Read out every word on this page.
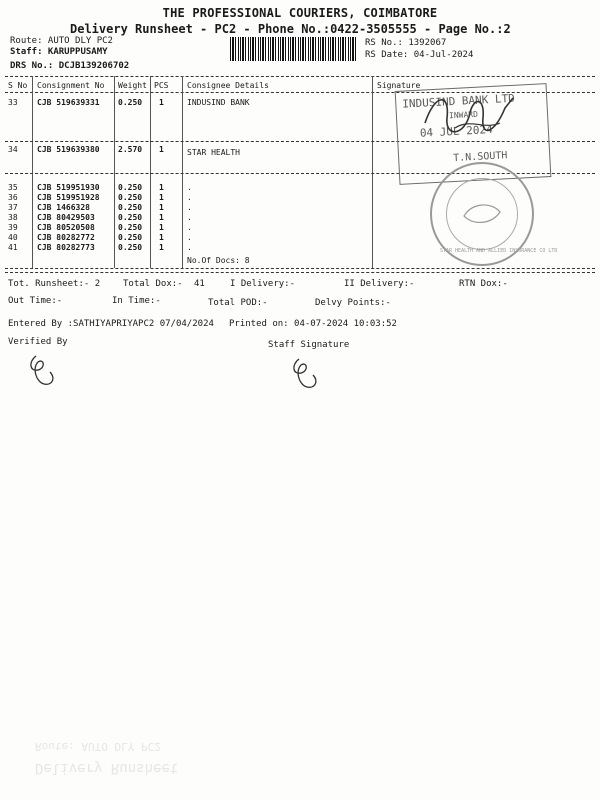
THE PROFESSIONAL COURIERS, COIMBATORE
Delivery Runsheet - PC2 - Phone No.:0422-3505555 - Page No.:2
Route: AUTO DLY PC2
Staff: KARUPPUSAMY
RS No.: 1392067
RS Date: 04-Jul-2024
DRS No.: DCJB139206702
S No Consignment No Weight PCS Consignee Details	Signature
33 CJB 519639331 0.250 1	INDUSIND BANK
34 CJB 519639380 2.570 1	STAR HEALTH
35 CJB 519951930 0.250 1	.
36 CJB 519951928 0.250 1	.
37 CJB 1466328	0.250 1	.
38 CJB 80429503	0.250 1	.
39 CJB 80520508	0.250 1	.
40 CJB 80282772	0.250 1	.
41 CJB 80282773	0.250 1	.
No.Of Docs: 8
INDUSIND BANK LTD
INWARD
04 JUL 2024
T.N.SOUTH
STAR HEALTH AND ALLIED INSURANCE CO LTD
Tot. Runsheet:- 2	Total Dox:- 41	I Delivery:-	II Delivery:-	RTN Dox:-
Out Time:-	In Time:-	Total POD:-	Delvy Points:-
Entered By :SATHIYAPRIYAPC2 07/04/2024 Printed on: 04-07-2024 10:03:52
Verified By	Staff Signature
Delivery Runsheet
Route: AUTO DLY PC2
